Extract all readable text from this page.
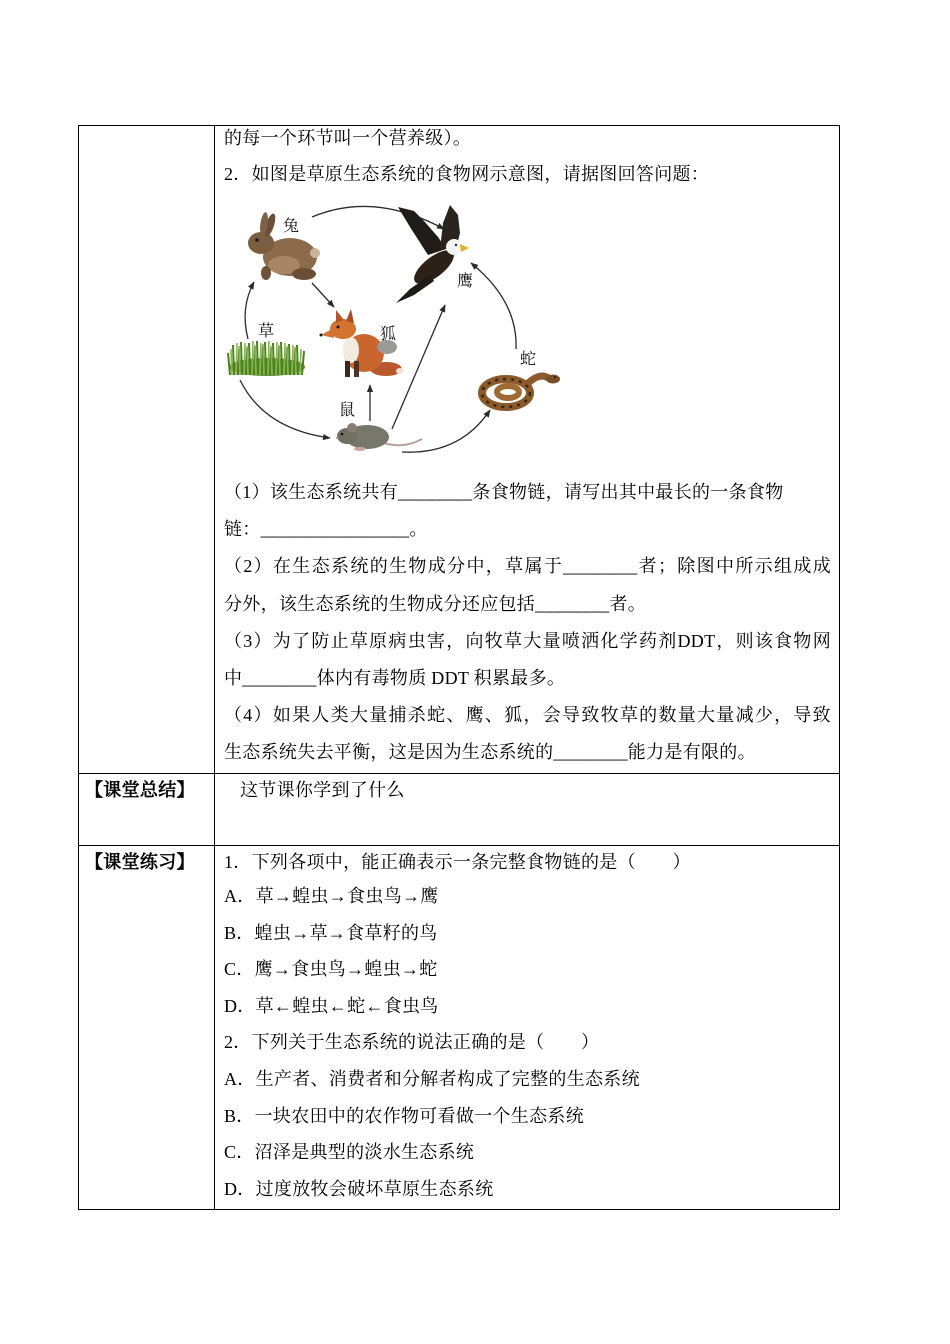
的每一个环节叫一个营养级）。
2．如图是草原生态系统的食物网示意图，请据图回答问题：
兔
鹰
草	狐
蛇
鼠
（1）该生态系统共有________条食物链，请写出其中最长的一条食物
链：________________。
（2）在生态系统的生物成分中，草属于________者；除图中所示组成成
分外，该生态系统的生物成分还应包括________者。
（3）为了防止草原病虫害，向牧草大量喷洒化学药剂DDT，则该食物网
中________体内有毒物质 DDT 积累最多。
（4）如果人类大量捕杀蛇、鹰、狐，会导致牧草的数量大量减少，导致
生态系统失去平衡，这是因为生态系统的________能力是有限的。
【课堂总结】	这节课你学到了什么
【课堂练习】	1．下列各项中，能正确表示一条完整食物链的是（　　）
A．草→蝗虫→食虫鸟→鹰
B．蝗虫→草→食草籽的鸟
C．鹰→食虫鸟→蝗虫→蛇
D．草←蝗虫←蛇←食虫鸟
2．下列关于生态系统的说法正确的是（　　）
A．生产者、消费者和分解者构成了完整的生态系统
B．一块农田中的农作物可看做一个生态系统
C．沼泽是典型的淡水生态系统
D．过度放牧会破坏草原生态系统
